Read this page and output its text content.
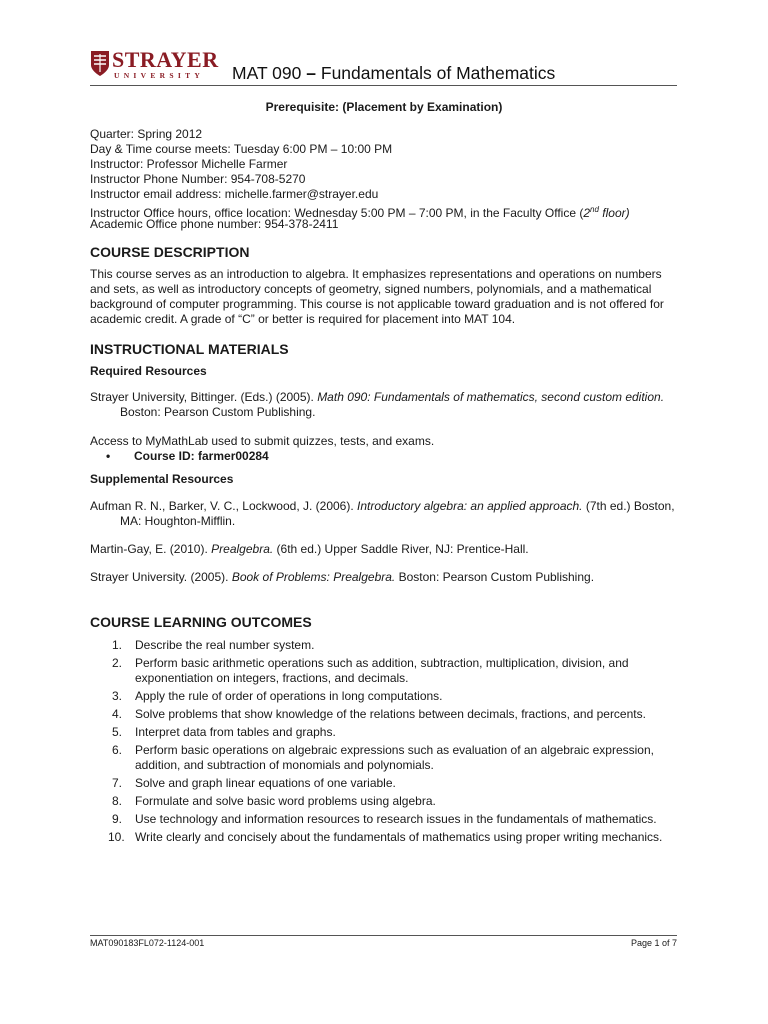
STRAYER
UNIVERSITY MAT 090 – Fundamentals of Mathematics
Prerequisite: (Placement by Examination)
Quarter: Spring 2012
Day & Time course meets: Tuesday 6:00 PM – 10:00 PM
Instructor: Professor Michelle Farmer
Instructor Phone Number: 954-708-5270
Instructor email address: michelle.farmer@strayer.edu
Instructor Office hours, office location: Wednesday 5:00 PM – 7:00 PM, in the Faculty Office (2nd floor)
Academic Office phone number: 954-378-2411
COURSE DESCRIPTION
This course serves as an introduction to algebra. It emphasizes representations and operations on numbers and sets, as well as introductory concepts of geometry, signed numbers, polynomials, and a mathematical background of computer programming. This course is not applicable toward graduation and is not offered for academic credit. A grade of “C” or better is required for placement into MAT 104.
INSTRUCTIONAL MATERIALS
Required Resources
Strayer University, Bittinger. (Eds.) (2005). Math 090: Fundamentals of mathematics, second custom edition. Boston: Pearson Custom Publishing.
Access to MyMathLab used to submit quizzes, tests, and exams.
• Course ID: farmer00284
Supplemental Resources
Aufman R. N., Barker, V. C., Lockwood, J. (2006). Introductory algebra: an applied approach. (7th ed.) Boston, MA: Houghton-Mifflin.
Martin-Gay, E. (2010). Prealgebra. (6th ed.) Upper Saddle River, NJ: Prentice-Hall.
Strayer University. (2005). Book of Problems: Prealgebra. Boston: Pearson Custom Publishing.
COURSE LEARNING OUTCOMES
1.	Describe the real number system.
2.	Perform basic arithmetic operations such as addition, subtraction, multiplication, division, and exponentiation on integers, fractions, and decimals.
3.	Apply the rule of order of operations in long computations.
4.	Solve problems that show knowledge of the relations between decimals, fractions, and percents.
5.	Interpret data from tables and graphs.
6.	Perform basic operations on algebraic expressions such as evaluation of an algebraic expression, addition, and subtraction of monomials and polynomials.
7.	Solve and graph linear equations of one variable.
8.	Formulate and solve basic word problems using algebra.
9.	Use technology and information resources to research issues in the fundamentals of mathematics.
10. Write clearly and concisely about the fundamentals of mathematics using proper writing mechanics.
MAT090183FL072-1124-001	Page 1 of 7
